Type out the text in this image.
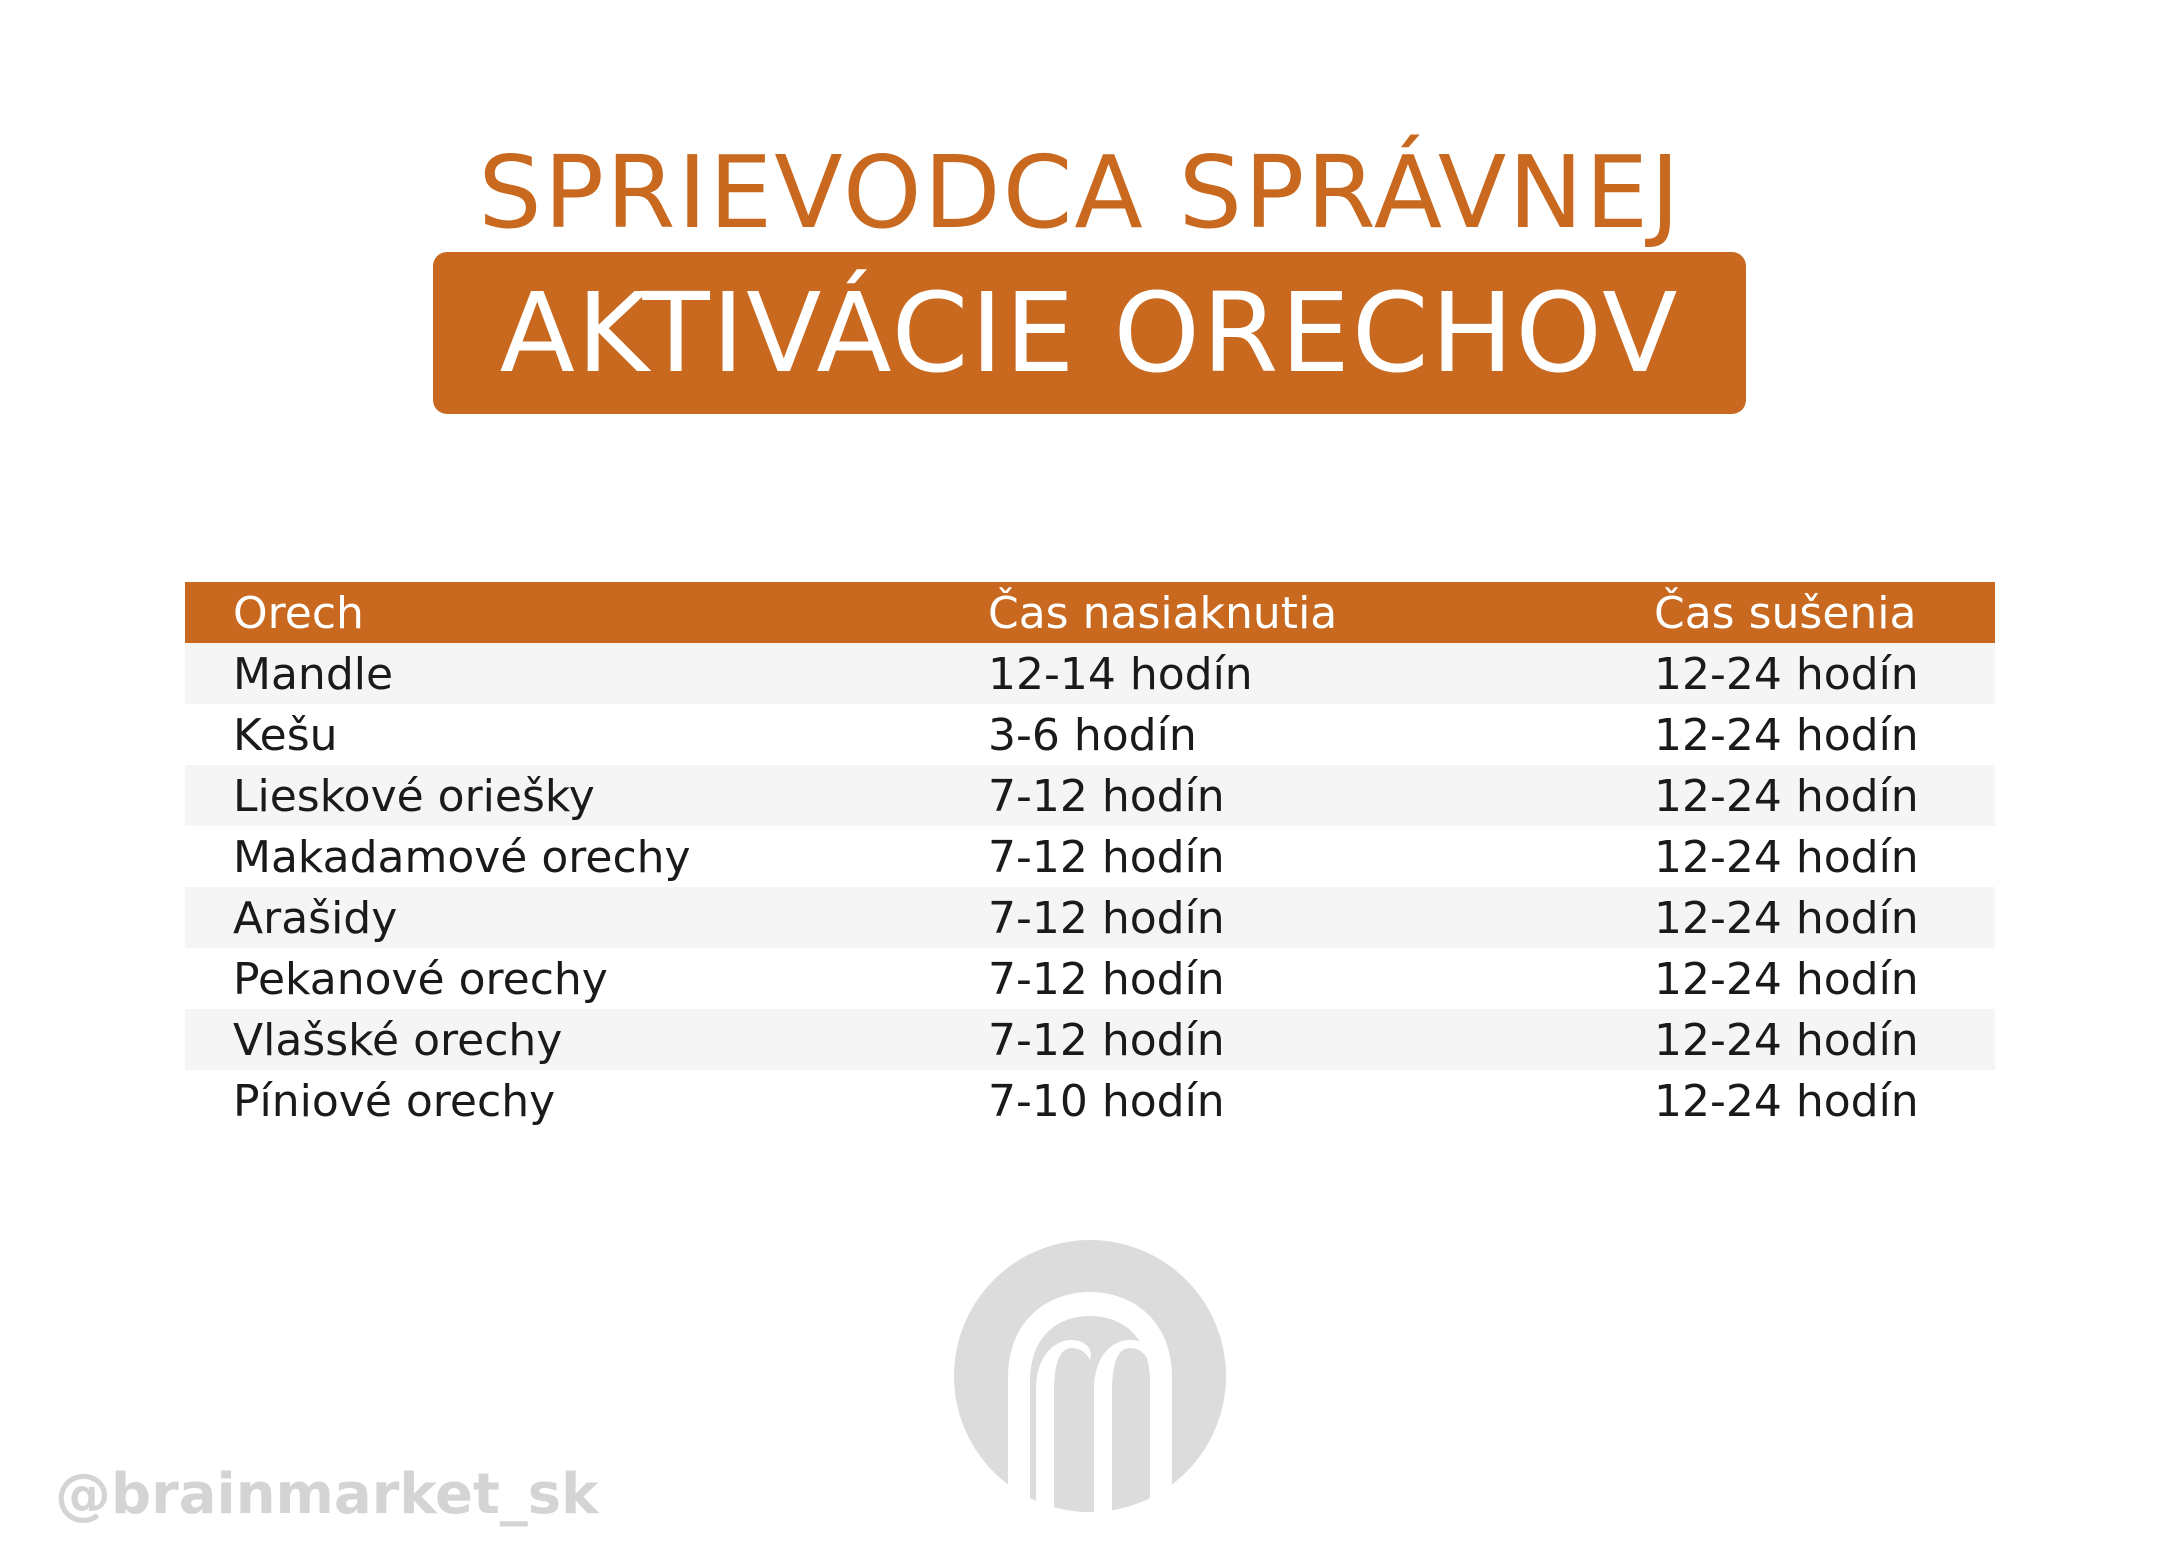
SPRIEVODCA SPRÁVNEJ
AKTIVÁCIE ORECHOV
Orech	Čas nasiaknutia	Čas sušenia
Mandle	12-14 hodín	12-24 hodín
Kešu	3-6 hodín	12-24 hodín
Lieskové oriešky	7-12 hodín	12-24 hodín
Makadamové orechy	7-12 hodín	12-24 hodín
Arašidy	7-12 hodín	12-24 hodín
Pekanové orechy	7-12 hodín	12-24 hodín
Vlašské orechy	7-12 hodín	12-24 hodín
Píniové orechy	7-10 hodín	12-24 hodín
@brainmarket_sk
